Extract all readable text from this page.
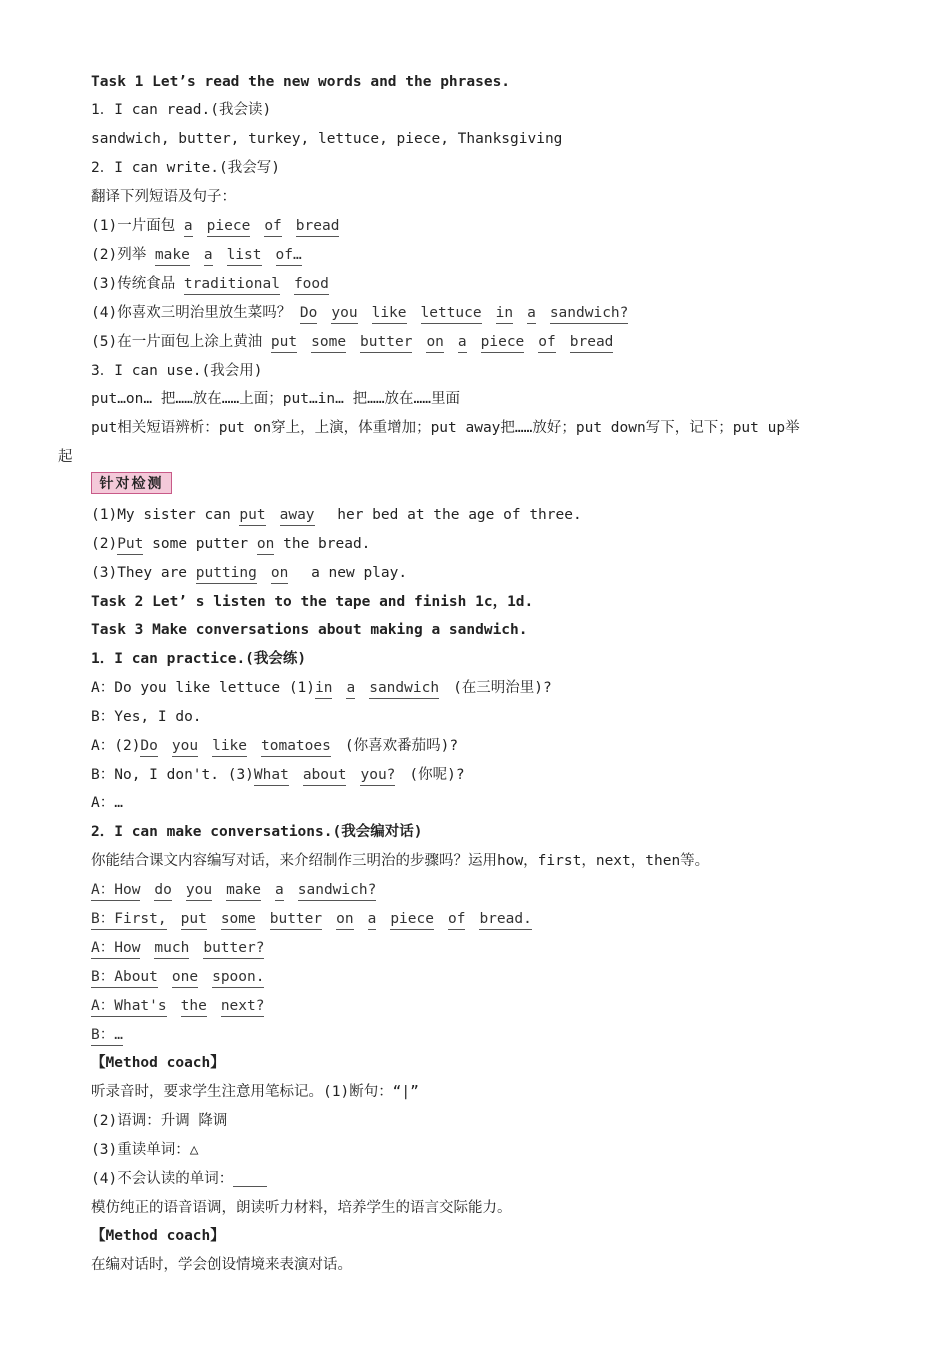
Task 1 Let’s read the new words and the phrases.
1．I can read.(我会读)
sandwich, butter, turkey, lettuce, piece, Thanksgiving
2．I can write.(我会写)
翻译下列短语及句子：
(1)一片面包 a piece of bread
(2)列举 make a list of…
(3)传统食品 traditional food
(4)你喜欢三明治里放生菜吗？ Do you like lettuce in a sandwich?
(5)在一片面包上涂上黄油 put some butter on a piece of bread
3．I can use.(我会用)
put…on… 把……放在……上面；put…in… 把……放在……里面
put相关短语辨析：put on穿上，上演，体重增加；put away把……放好；put down写下，记下；put up举
起
针对检测
(1)My sister can put away her bed at the age of three.
(2)Put some putter on the bread.
(3)They are putting on a new play.
Task 2 Let’ s listen to the tape and finish 1c，1d.
Task 3 Make conversations about making a sandwich.
1．I can practice.(我会练)
A：Do you like lettuce (1)in a sandwich (在三明治里)?
B：Yes, I do.
A：(2)Do you like tomatoes (你喜欢番茄吗)?
B：No, I don't. (3)What about you? (你呢)?
A：…
2．I can make conversations.(我会编对话)
你能结合课文内容编写对话，来介绍制作三明治的步骤吗？运用how，first，next，then等。
A：How do you make a sandwich?
B：First, put some butter on a piece of bread.
A：How much butter?
B：About one spoon.
A：What's the next?
B：…
【Method coach】
听录音时，要求学生注意用笔标记。(1)断句：“|”
(2)语调：升调 降调
(3)重读单词：△
(4)不会认读的单词：
模仿纯正的语音语调，朗读听力材料，培养学生的语言交际能力。
【Method coach】
在编对话时，学会创设情境来表演对话。
